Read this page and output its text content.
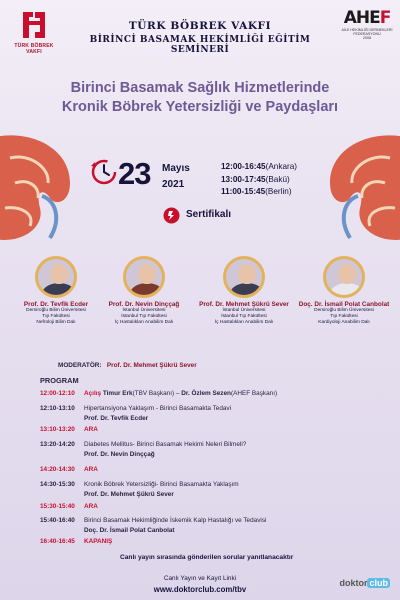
TÜRK BÖBREK VAKFI
TÜRK BÖBREK VAKFI
BİRİNCİ BASAMAK HEKİMLİĞİ EĞİTİM SEMİNERİ
AHEF
AİLE HEKİMLİĞİ DERNEKLERİ FEDERASYONU
2008
Birinci Basamak Sağlık Hizmetlerinde
Kronik Böbrek Yetersizliği ve Paydaşları
23 Mayıs
2021
12:00-16:45(Ankara)
13:00-17:45(Bakü)
11:00-15:45(Berlin)
Sertifikalı
Prof. Dr. Tevfik Ecder
Demiroğlu Bilim Üniversitesi
Tıp Fakültesi
Nefroloji Bilim Dalı
Prof. Dr. Nevin Dinççağ
İstanbul Üniversitesi
İstanbul Tıp Fakültesi
İç Hastalıkları Anabilim Dalı
Prof. Dr. Mehmet Şükrü Sever
İstanbul Üniversitesi
İstanbul Tıp Fakültesi
İç Hastalıkları Anabilim Dalı
Doç. Dr. İsmail Polat Canbolat
Demiroğlu Bilim Üniversitesi
Tıp Fakültesi
Kardiyoloji Anabilim Dalı
MODERATÖR: Prof. Dr. Mehmet Şükrü Sever
PROGRAM
12:00-12:10 Açılış Timur Erk(TBV Başkanı) – Dr. Özlem Sezen(AHEF Başkanı)
12:10-13:10 Hipertansiyona Yaklaşım - Birinci Basamakta Tedavi
Prof. Dr. Tevfik Ecder
13:10-13:20 ARA
13:20-14:20 Diabetes Mellitus- Birinci Basamak Hekimi Neleri Bilmeli?
Prof. Dr. Nevin Dinççağ
14:20-14:30 ARA
14:30-15:30 Kronik Böbrek Yetersizliği- Birinci Basamakta Yaklaşım
Prof. Dr. Mehmet Şükrü Sever
15:30-15:40 ARA
15:40-16:40 Birinci Basamak Hekimliğinde İskemik Kalp Hastalığı ve Tedavisi
Doç. Dr. İsmail Polat Canbolat
16:40-16:45 KAPANIŞ
Canlı yayın sırasında gönderilen sorular yanıtlanacaktır
Canlı Yayın ve Kayıt Linki
www.doktorclub.com/tbv
doktor club
